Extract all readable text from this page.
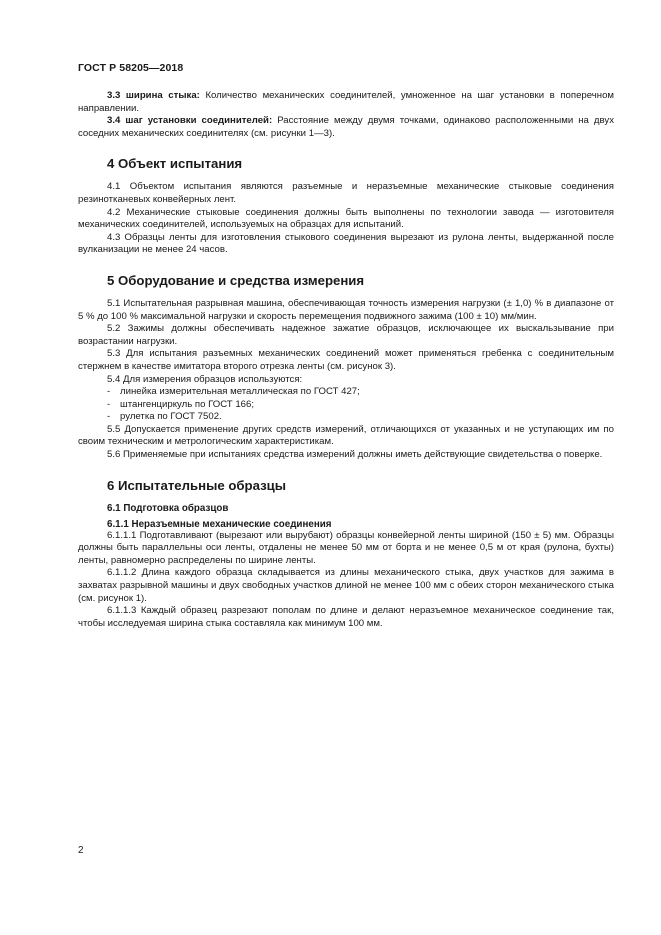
ГОСТ Р 58205—2018

3.3 ширина стыка: Количество механических соединителей, умноженное на шаг установки в поперечном направлении.

3.4 шаг установки соединителей: Расстояние между двумя точками, одинаково расположенными на двух соседних механических соединителях (см. рисунки 1—3).

4 Объект испытания

4.1 Объектом испытания являются разъемные и неразъемные механические стыковые соединения резинотканевых конвейерных лент.

4.2 Механические стыковые соединения должны быть выполнены по технологии завода — изготовителя механических соединителей, используемых на образцах для испытаний.

4.3 Образцы ленты для изготовления стыкового соединения вырезают из рулона ленты, выдержанной после вулканизации не менее 24 часов.

5 Оборудование и средства измерения

5.1 Испытательная разрывная машина, обеспечивающая точность измерения нагрузки (± 1,0) % в диапазоне от 5 % до 100 % максимальной нагрузки и скорость перемещения подвижного зажима (100 ± 10) мм/мин.

5.2 Зажимы должны обеспечивать надежное зажатие образцов, исключающее их выскальзывание при возрастании нагрузки.

5.3 Для испытания разъемных механических соединений может применяться гребенка с соединительным стержнем в качестве имитатора второго отрезка ленты (см. рисунок 3).

5.4 Для измерения образцов используются:

- линейка измерительная металлическая по ГОСТ 427;
- штангенциркуль по ГОСТ 166;
- рулетка по ГОСТ 7502.

5.5 Допускается применение других средств измерений, отличающихся от указанных и не уступающих им по своим техническим и метрологическим характеристикам.

5.6 Применяемые при испытаниях средства измерений должны иметь действующие свидетельства о поверке.

6 Испытательные образцы
6.1 Подготовка образцов
6.1.1 Неразъемные механические соединения

6.1.1.1 Подготавливают (вырезают или вырубают) образцы конвейерной ленты шириной (150 ± 5) мм. Образцы должны быть параллельны оси ленты, отдалены не менее 50 мм от борта и не менее 0,5 м от края (рулона, бухты) ленты, равномерно распределены по ширине ленты.

6.1.1.2 Длина каждого образца складывается из длины механического стыка, двух участков для зажима в захватах разрывной машины и двух свободных участков длиной не менее 100 мм с обеих сторон механического стыка (см. рисунок 1).

6.1.1.3 Каждый образец разрезают пополам по длине и делают неразъемное механическое соединение так, чтобы исследуемая ширина стыка составляла как минимум 100 мм.

2
